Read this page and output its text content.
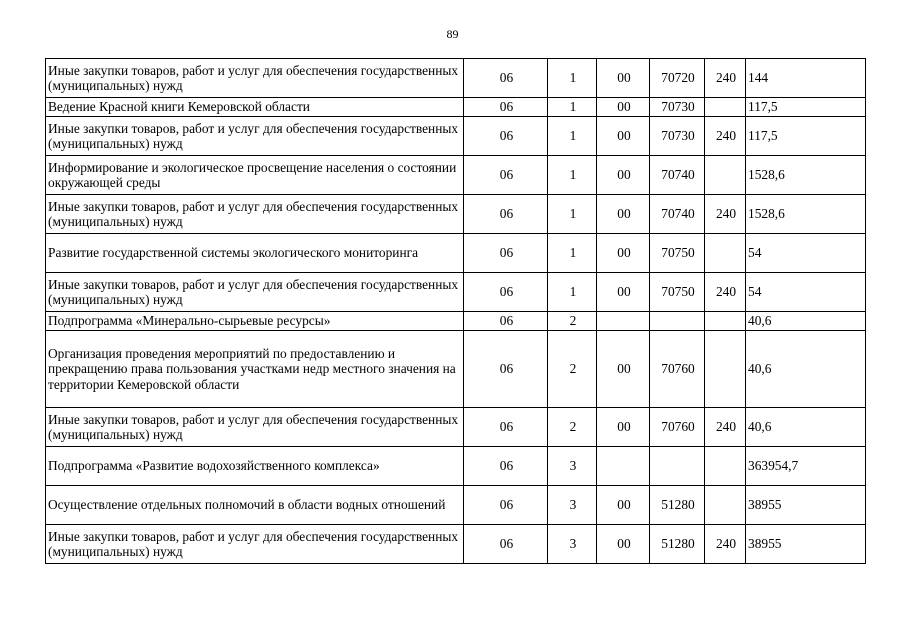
89
Иные закупки товаров, работ и услуг для обеспечения государственных (муниципальных) нужд	06	1	00	70720	240	144
Ведение Красной книги Кемеровской области	06	1	00	70730		117,5
Иные закупки товаров, работ и услуг для обеспечения государственных (муниципальных) нужд	06	1	00	70730	240	117,5
Информирование и экологическое просвещение населения о состоянии окружающей среды	06	1	00	70740		1528,6
Иные закупки товаров, работ и услуг для обеспечения государственных (муниципальных) нужд	06	1	00	70740	240	1528,6
Развитие государственной системы экологического мониторинга	06	1	00	70750		54
Иные закупки товаров, работ и услуг для обеспечения государственных (муниципальных) нужд	06	1	00	70750	240	54
Подпрограмма «Минерально-сырьевые ресурсы»	06	2				40,6
Организация проведения мероприятий по предоставлению и прекращению права пользования участками недр местного значения на территории Кемеровской области	06	2	00	70760		40,6
Иные закупки товаров, работ и услуг для обеспечения государственных (муниципальных) нужд	06	2	00	70760	240	40,6
Подпрограмма «Развитие водохозяйственного комплекса»	06	3				363954,7
Осуществление отдельных полномочий в области водных отношений	06	3	00	51280		38955
Иные закупки товаров, работ и услуг для обеспечения государственных (муниципальных) нужд	06	3	00	51280	240	38955
